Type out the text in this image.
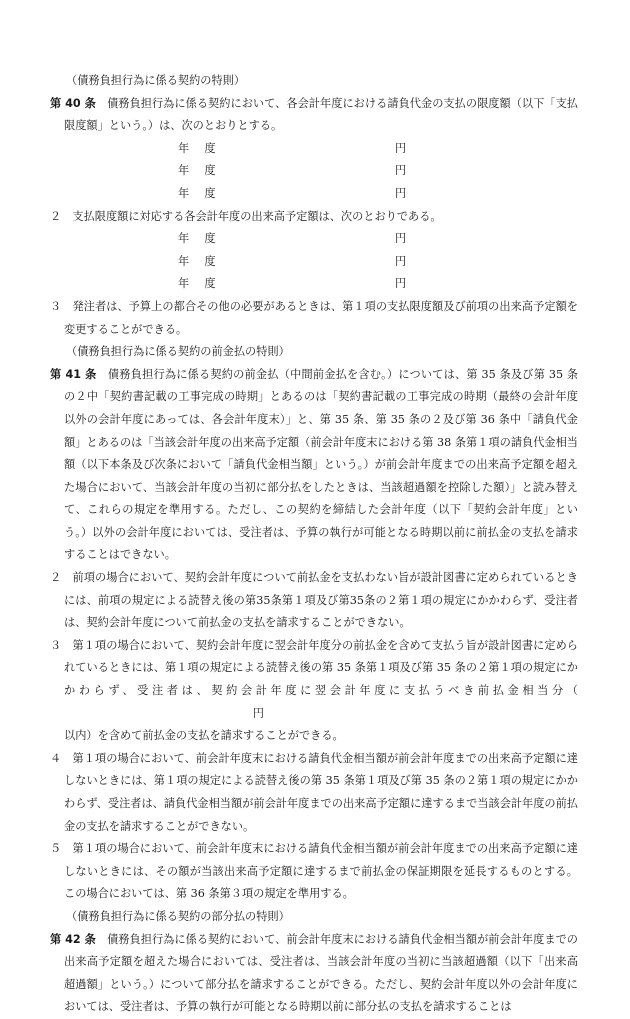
（債務負担行為に係る契約の特則）
第 40 条　債務負担行為に係る契約において、各会計年度における請負代金の支払の限度額（以下「支払限度額」という。）は、次のとおりとする。
年　度	円
年　度	円
年　度	円
２　支払限度額に対応する各会計年度の出来高予定額は、次のとおりである。
年　度	円
年　度	円
年　度	円
３　発注者は、予算上の都合その他の必要があるときは、第１項の支払限度額及び前項の出来高予定額を変更することができる。
（債務負担行為に係る契約の前金払の特則）
第 41 条　債務負担行為に係る契約の前金払（中間前金払を含む。）については、第 35 条及び第 35 条の２中「契約書記載の工事完成の時期」とあるのは「契約書記載の工事完成の時期（最終の会計年度以外の会計年度にあっては、各会計年度末）」と、第 35 条、第 35 条の２及び第 36 条中「請負代金額」とあるのは「当該会計年度の出来高予定額（前会計年度末における第 38 条第１項の請負代金相当額（以下本条及び次条において「請負代金相当額」という。）が前会計年度までの出来高予定額を超えた場合において、当該会計年度の当初に部分払をしたときは、当該超過額を控除した額）」と読み替えて、これらの規定を準用する。ただし、この契約を締結した会計年度（以下「契約会計年度」という。）以外の会計年度においては、受注者は、予算の執行が可能となる時期以前に前払金の支払を請求することはできない。
２　前項の場合において、契約会計年度について前払金を支払わない旨が設計図書に定められているときには、前項の規定による読替え後の第35条第１項及び第35条の２第１項の規定にかかわらず、受注者は、契約会計年度について前払金の支払を請求することができない。
３　第１項の場合において、契約会計年度に翌会計年度分の前払金を含めて支払う旨が設計図書に定められているときには、第１項の規定による読替え後の第 35 条第１項及び第 35 条の２第１項の規定にかかわらず、受注者は、契約会計年度に翌会計年度に支払うべき前払金相当分（円
以内）を含めて前払金の支払を請求することができる。
４　第１項の場合において、前会計年度末における請負代金相当額が前会計年度までの出来高予定額に達しないときには、第１項の規定による読替え後の第 35 条第１項及び第 35 条の２第１項の規定にかかわらず、受注者は、請負代金相当額が前会計年度までの出来高予定額に達するまで当該会計年度の前払金の支払を請求することができない。
５　第１項の場合において、前会計年度末における請負代金相当額が前会計年度までの出来高予定額に達しないときには、その額が当該出来高予定額に達するまで前払金の保証期限を延長するものとする。この場合においては、第 36 条第３項の規定を準用する。
（債務負担行為に係る契約の部分払の特則）
第 42 条　債務負担行為に係る契約において、前会計年度末における請負代金相当額が前会計年度までの出来高予定額を超えた場合においては、受注者は、当該会計年度の当初に当該超過額（以下「出来高超過額」という。）について部分払を請求することができる。ただし、契約会計年度以外の会計年度においては、受注者は、予算の執行が可能となる時期以前に部分払の支払を請求することは
